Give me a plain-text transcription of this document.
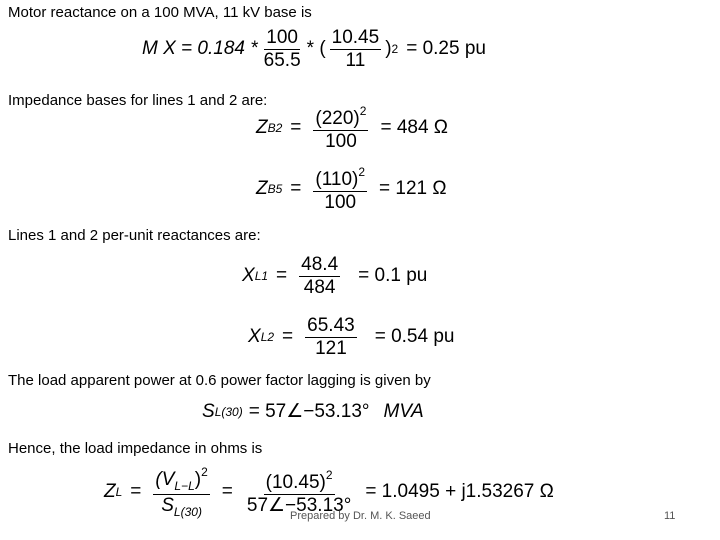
Motor reactance on a 100 MVA, 11 kV base is
M $X = 0.184 * \frac{100}{65.5}$ * ( $\frac{10.45}{11}$ ) 2 = 0.25 pu
Impedance bases for lines 1 and 2 are:
Z $B2 = \frac{(220)^2}{100} = 484$ Ω
Z $B5 = \frac{(110)^2}{100} = 121$ Ω
Lines 1 and 2 per-unit reactances are:
X $L1 = \frac{48.4}{484} = 0.1$ pu
X $L2 = \frac{65.43}{121} = 0.54$ pu
The load apparent power at 0.6 power factor lagging is given by
S L(30) = 57∠−53.13° MVA
Hence, the load impedance in ohms is
Z $L = \frac{(V_{L-L})^2}{S_{L(30)}} = \frac{(10.45)^2}{57\angle-53.13^\circ} = 1.0495 + j1.53267$ Ω
Prepared by Dr. M. K. Saeed	11
